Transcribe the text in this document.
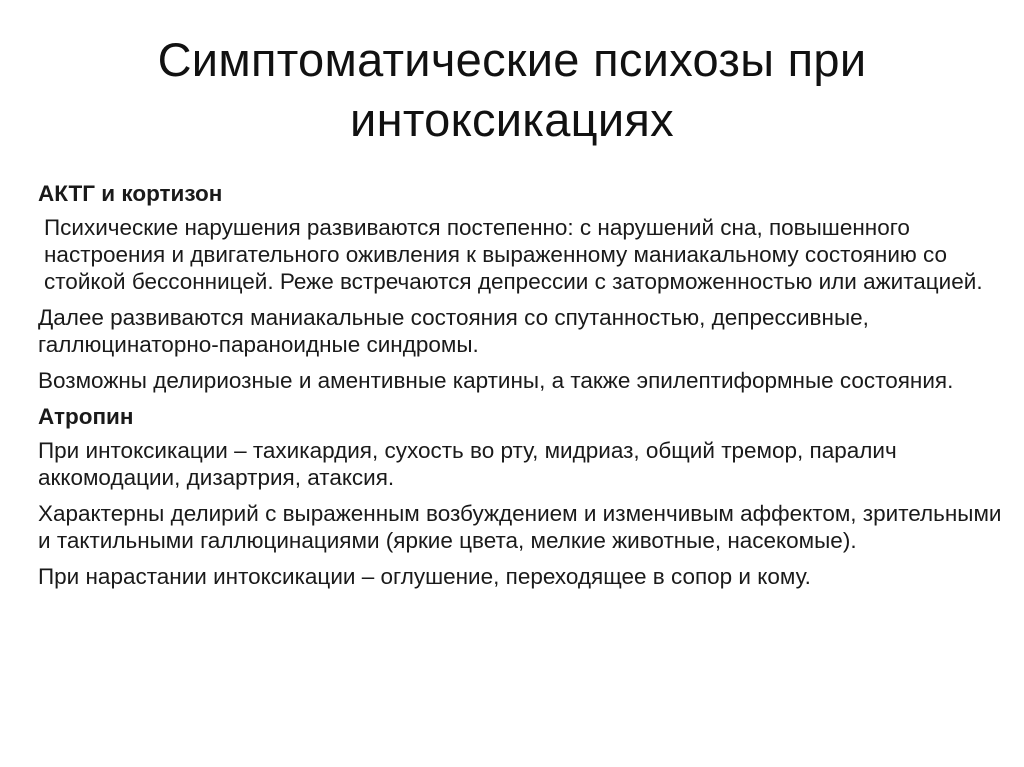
Симптоматические психозы при
интоксикациях
АКТГ и кортизон
Психические нарушения развиваются постепенно: с нарушений сна, повышенного настроения и двигательного оживления к выраженному маниакальному состоянию со стойкой бессонницей. Реже встречаются депрессии с заторможенностью или ажитацией.
Далее развиваются маниакальные состояния со спутанностью, депрессивные, галлюцинаторно-параноидные синдромы.
Возможны делириозные и аментивные картины, а также эпилептиформные состояния.
Атропин
При интоксикации – тахикардия, сухость во рту, мидриаз, общий тремор, паралич аккомодации, дизартрия, атаксия.
Характерны делирий с выраженным возбуждением и изменчивым аффектом, зрительными и тактильными галлюцинациями (яркие цвета, мелкие животные, насекомые).
При нарастании интоксикации – оглушение, переходящее в сопор и кому.
